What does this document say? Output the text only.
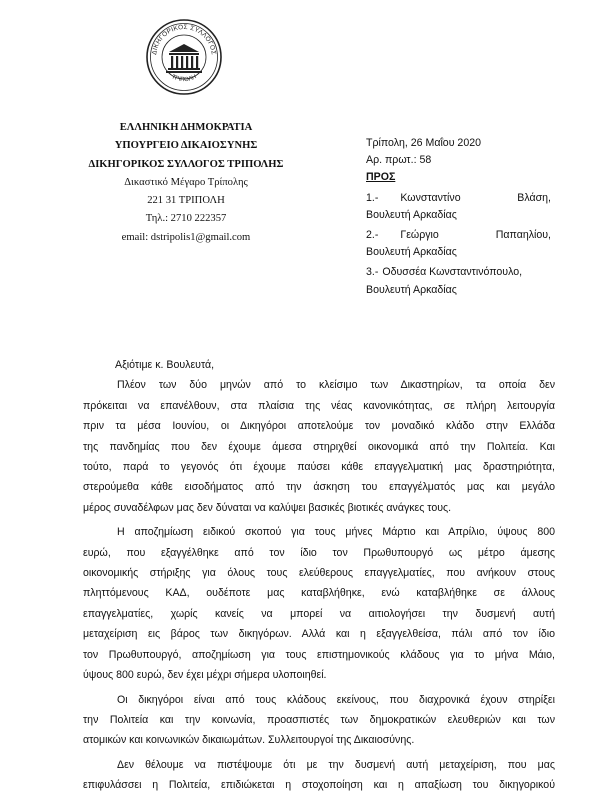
ΔΙΚΗΓΟΡΙΚΟΣ ΣΥΛΛΟΓΟΣ
ΤΡΙΠΟΛΗ
ΕΛΛΗΝΙΚΗ ΔΗΜΟΚΡΑΤΙΑ
ΥΠΟΥΡΓΕΙΟ ΔΙΚΑΙΟΣΥΝΗΣ
ΔΙΚΗΓΟΡΙΚΟΣ ΣΥΛΛΟΓΟΣ ΤΡΙΠΟΛΗΣ
Δικαστικό Μέγαρο Τρίπολης
221 31 ΤΡΙΠΟΛΗ
Τηλ.: 2710 222357
email: dstripolis1@gmail.com
Τρίπολη, 26 Μαΐου 2020
Αρ. πρωτ.: 58
ΠΡΟΣ
1.- Κωνσταντίνο	Βλάση,
Βουλευτή Αρκαδίας
2.- Γεώργιο	Παπαηλίου,
Βουλευτή Αρκαδίας
3.- Οδυσσέα Κωνσταντινόπουλο,
Βουλευτή Αρκαδίας
Αξιότιμε κ. Βουλευτά,

Πλέον των δύο μηνών από το κλείσιμο των Δικαστηρίων, τα οποία δεν
πρόκειται να επανέλθουν, στα πλαίσια της νέας κανονικότητας, σε πλήρη λειτουργία
πριν τα μέσα Ιουνίου, οι Δικηγόροι αποτελούμε τον μοναδικό κλάδο στην Ελλάδα
της πανδημίας που δεν έχουμε άμεσα στηριχθεί οικονομικά από την Πολιτεία. Και
τούτο, παρά το γεγονός ότι έχουμε παύσει κάθε επαγγελματική μας δραστηριότητα,
στερούμεθα κάθε εισοδήματος από την άσκηση του επαγγέλματός μας και μεγάλο
μέρος συναδέλφων μας δεν δύναται να καλύψει βασικές βιοτικές ανάγκες τους.

Η αποζημίωση ειδικού σκοπού για τους μήνες Μάρτιο και Απρίλιο, ύψους 800
ευρώ, που εξαγγέλθηκε από τον ίδιο τον Πρωθυπουργό ως μέτρο άμεσης
οικονομικής στήριξης για όλους τους ελεύθερους επαγγελματίες, που ανήκουν στους
πληττόμενους ΚΑΔ, ουδέποτε μας καταβλήθηκε, ενώ καταβλήθηκε σε άλλους
επαγγελματίες, χωρίς κανείς να μπορεί να αιτιολογήσει την δυσμενή αυτή
μεταχείριση εις βάρος των δικηγόρων. Αλλά και η εξαγγελθείσα, πάλι από τον ίδιο
τον Πρωθυπουργό, αποζημίωση για τους επιστημονικούς κλάδους για το μήνα Μάιο,
ύψους 800 ευρώ, δεν έχει μέχρι σήμερα υλοποιηθεί.

Οι δικηγόροι είναι από τους κλάδους εκείνους, που διαχρονικά έχουν στηρίξει
την Πολιτεία και την κοινωνία, προασπιστές των δημοκρατικών ελευθεριών και των
ατομικών και κοινωνικών δικαιωμάτων. Συλλειτουργοί της Δικαιοσύνης.

Δεν θέλουμε να πιστέψουμε ότι με την δυσμενή αυτή μεταχείριση, που μας
επιφυλάσσει η Πολιτεία, επιδιώκεται η στοχοποίηση και η απαξίωση του δικηγορικού
